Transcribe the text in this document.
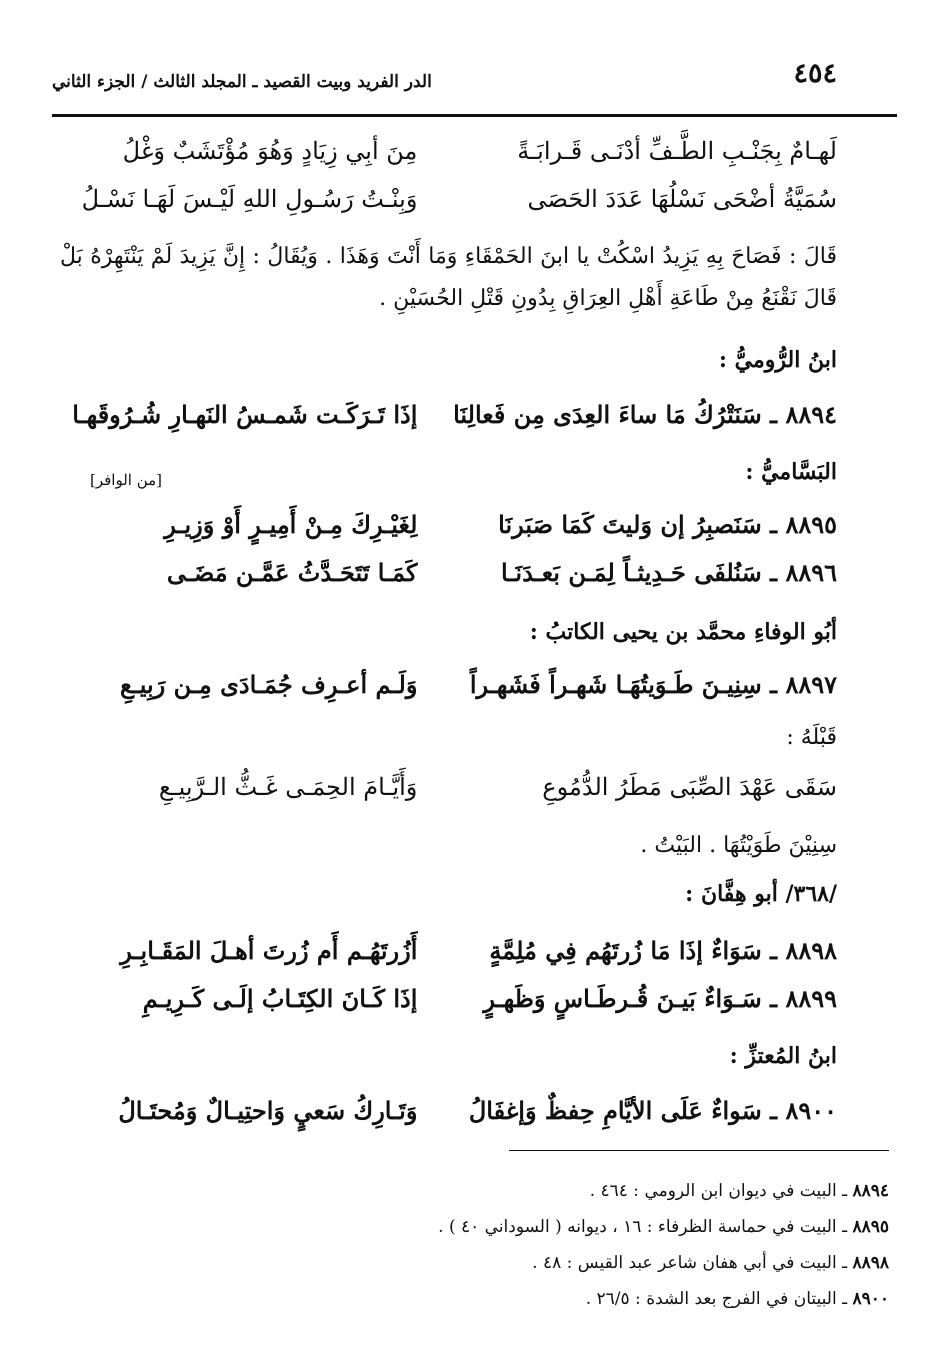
٤٥٤
الدر الفريد وبيت القصيد ـ المجلد الثالث / الجزء الثاني
لَهـامٌ بِجَنْـبِ الطَّـفِّ أدْنَـى قَـرابَـةً
مِنَ أبِي زِيَادٍ وَهُوَ مُؤْتَشَبٌ وَغْلُ
سُمَيَّةُ أضْحَى نَسْلُهَا عَدَدَ الحَصَى
وَبِنْـتُ رَسُـولِ اللهِ لَيْـسَ لَهَـا نَسْـلُ
قَالَ : فَصَاحَ بِهِ يَزِيدُ اسْكُتْ يا ابنَ الحَمْقَاءِ وَمَا أَنْتَ وَهَذَا . وَيُقَالُ : إِنَّ يَزِيدَ لَمْ يَنْتَهِرْهُ بَلْ قَالَ نَقْنَعُ مِنْ طَاعَةِ أَهْلِ العِرَاقِ بِدُونِ قَتْلِ الحُسَيْنِ .
ابنُ الرُّوميُّ :
٨٨٩٤ ـ سَنَتْرُكُ مَا ساءَ العِدَى مِن فَعالِنَا
إذَا تَـرَكَـت شَمـسُ النَهـارِ شُـرُوقَهـا
البَسَّاميُّ :
[من الوافر]
٨٨٩٥ ـ سَنَصبِرُ إن وَليتَ كَمَا صَبَرنَا
لِغَيْـرِكَ مِـنْ أَمِيـرٍ أَوْ وَزِيـرِ
٨٨٩٦ ـ سَنُلفَى حَـدِيثـاً لِمَـن بَعـدَنَـا
كَمَـا تَتَحَـدَّثُ عَمَّـن مَضَـى
أبُو الوفاءِ محمَّد بن يحيى الكاتبُ :
٨٨٩٧ ـ سِنِيـنَ طَـوَيتُهَـا شَهـراً فَشَهـراً
وَلَـم أعـرِف جُمَـادَى مِـن رَبِيـعِ
قَبْلَهُ :
سَقَى عَهْدَ الصِّبَى مَطَرُ الدُّمُوعِ
وَأَيَّـامَ الحِمَـى غَـثُّ الـرَّبِيـعِ
سِنِيْنَ طَوَيْتُهَا . البَيْتُ .
/٣٦٨/ أبو هِفَّانَ :
٨٨٩٨ ـ سَوَاءٌ إذَا مَا زُرتَهُم فِي مُلِمَّةٍ
أَزُرتَهُـم أَم زُرتَ أهـلَ المَقَـابِـرِ
٨٨٩٩ ـ سَـوَاءٌ بَيـنَ قُـرطَـاسٍ وَظَهـرٍ
إذَا كَـانَ الكِتَـابُ إلَـى كَـرِيـمِ
ابنُ المُعتزِّ :
٨٩٠٠ ـ سَواءٌ عَلَى الأيَّامِ حِفظٌ وَإغفَالُ
وَتَـارِكُ سَعيٍ وَاحتِيـالٌ وَمُحتَـالُ
٨٨٩٤ ـ البيت في ديوان ابن الرومي : ٤٦٤ .
٨٨٩٥ ـ البيت في حماسة الظرفاء : ١٦ ، ديوانه ( السوداني ٤٠ ) .
٨٨٩٨ ـ البيت في أبي هفان شاعر عبد القيس : ٤٨ .
٨٩٠٠ ـ البيتان في الفرج بعد الشدة : ٢٦/٥ .
